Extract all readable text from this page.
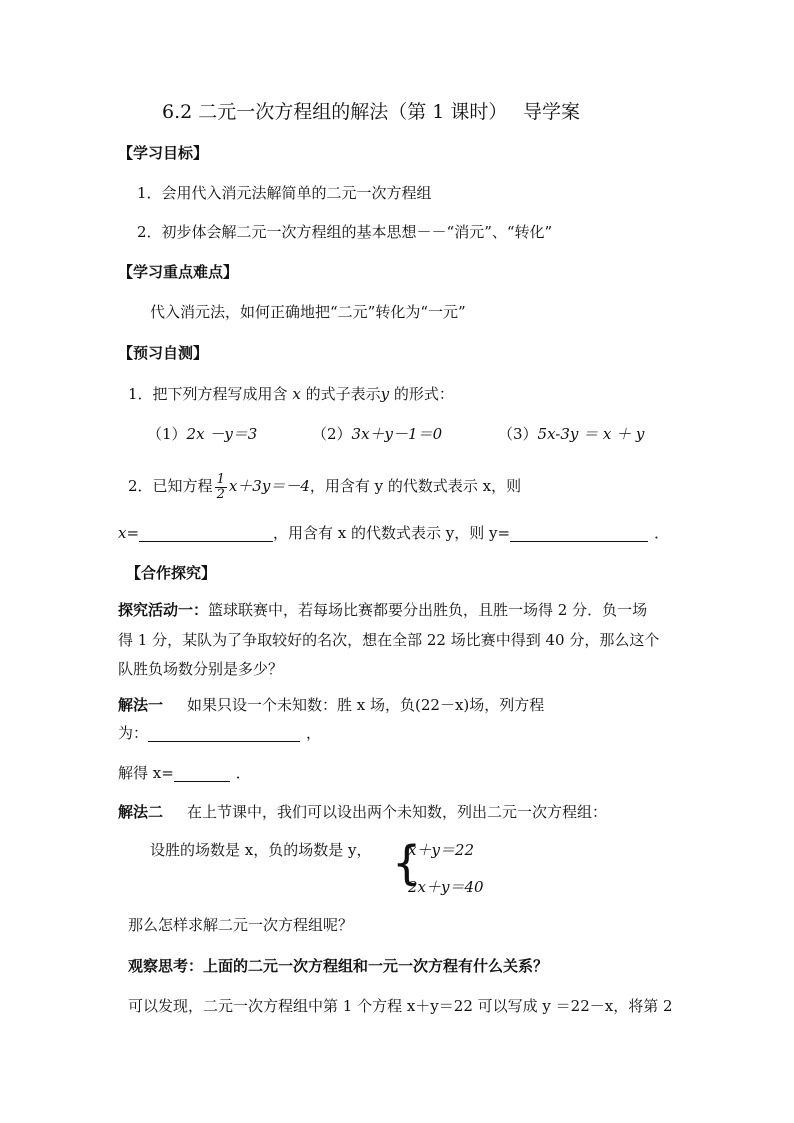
6.2 二元一次方程组的解法（第 1 课时）　 导学案
【学习目标】
1．会用代入消元法解简单的二元一次方程组
2．初步体会解二元一次方程组的基本思想－－“消元”、“转化”
【学习重点难点】
代入消元法，如何正确地把“二元”转化为“一元”
【预习自测】
1．把下列方程写成用含 x 的式子表示y 的形式：
（1）2x －y＝3	（2）3x＋y－1＝0	（3）5x-3y ＝ x ＋ y
2．已知方程 $\frac{1}{2} x+3y=-4$，用含有 y 的代数式表示 x，则
x=	，用含有 x 的代数式表示 y，则 y=	．
【合作探究】
探究活动一：篮球联赛中，若每场比赛都要分出胜负，且胜一场得 2 分．负一场
得 1 分，某队为了争取较好的名次，想在全部 22 场比赛中得到 40 分，那么这个
队胜负场数分别是多少？
解法一 如果只设一个未知数：胜 x 场，负(22－x)场，列方程
为：	，
解得 x=	．
解法二 在上节课中，我们可以设出两个未知数，列出二元一次方程组：
设胜的场数是 x，负的场数是 y， {
x＋y＝22
2x＋y＝40
那么怎样求解二元一次方程组呢？
观察思考：上面的二元一次方程组和一元一次方程有什么关系？
可以发现，二元一次方程组中第 1 个方程 x＋y＝22 可以写成 y ＝22－x，将第 2
